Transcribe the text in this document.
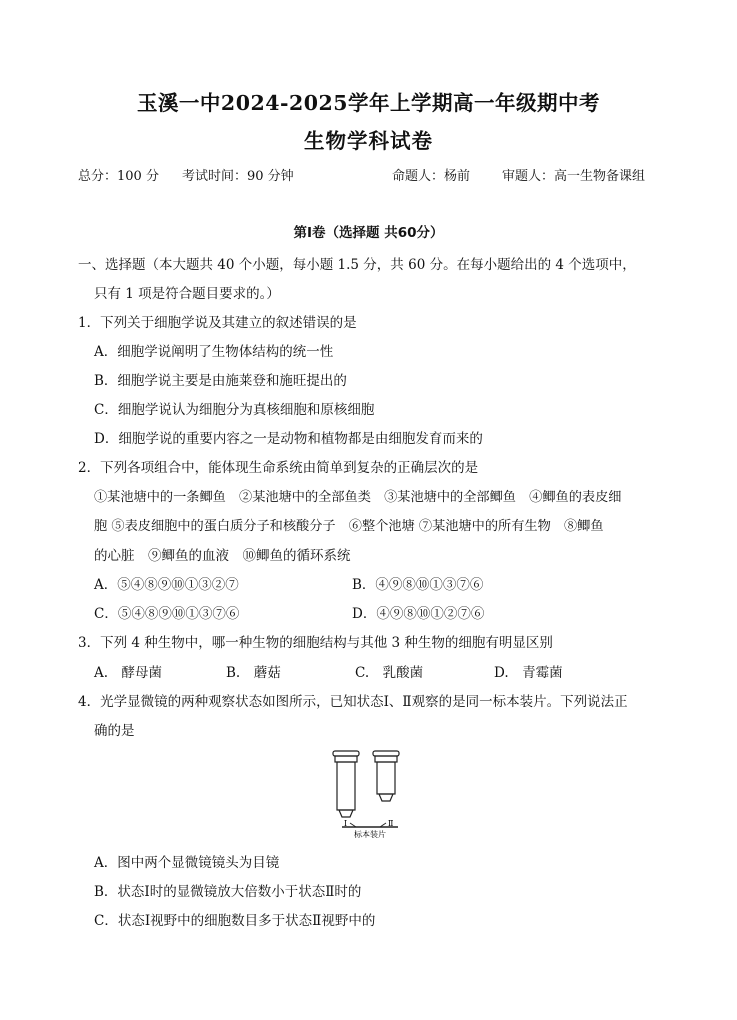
玉溪一中2024-2025学年上学期高一年级期中考
生物学科试卷
总分：100 分 考试时间：90 分钟	命题人：杨前 审题人：高一生物备课组
第Ⅰ卷（选择题 共60分）
一、选择题（本大题共 40 个小题，每小题 1.5 分，共 60 分。在每小题给出的 4 个选项中，
只有 1 项是符合题目要求的。）
1．下列关于细胞学说及其建立的叙述错误的是
A．细胞学说阐明了生物体结构的统一性
B．细胞学说主要是由施莱登和施旺提出的
C．细胞学说认为细胞分为真核细胞和原核细胞
D．细胞学说的重要内容之一是动物和植物都是由细胞发育而来的
2．下列各项组合中，能体现生命系统由简单到复杂的正确层次的是
①某池塘中的一条鲫鱼　②某池塘中的全部鱼类　③某池塘中的全部鲫鱼　④鲫鱼的表皮细
胞 ⑤表皮细胞中的蛋白质分子和核酸分子　⑥整个池塘 ⑦某池塘中的所有生物　⑧鲫鱼
的心脏　⑨鲫鱼的血液　⑩鲫鱼的循环系统
A．⑤④⑧⑨⑩①③②⑦	B．④⑨⑧⑩①③⑦⑥
C．⑤④⑧⑨⑩①③⑦⑥	D．④⑨⑧⑩①②⑦⑥
3．下列 4 种生物中，哪一种生物的细胞结构与其他 3 种生物的细胞有明显区别
A.　酵母菌	B.　蘑菇	C.　乳酸菌	D.　青霉菌
4．光学显微镜的两种观察状态如图所示，已知状态Ⅰ、Ⅱ观察的是同一标本装片。下列说法正
确的是
Ⅰ	Ⅱ
标本装片
A．图中两个显微镜镜头为目镜
B．状态Ⅰ时的显微镜放大倍数小于状态Ⅱ时的
C．状态Ⅰ视野中的细胞数目多于状态Ⅱ视野中的
